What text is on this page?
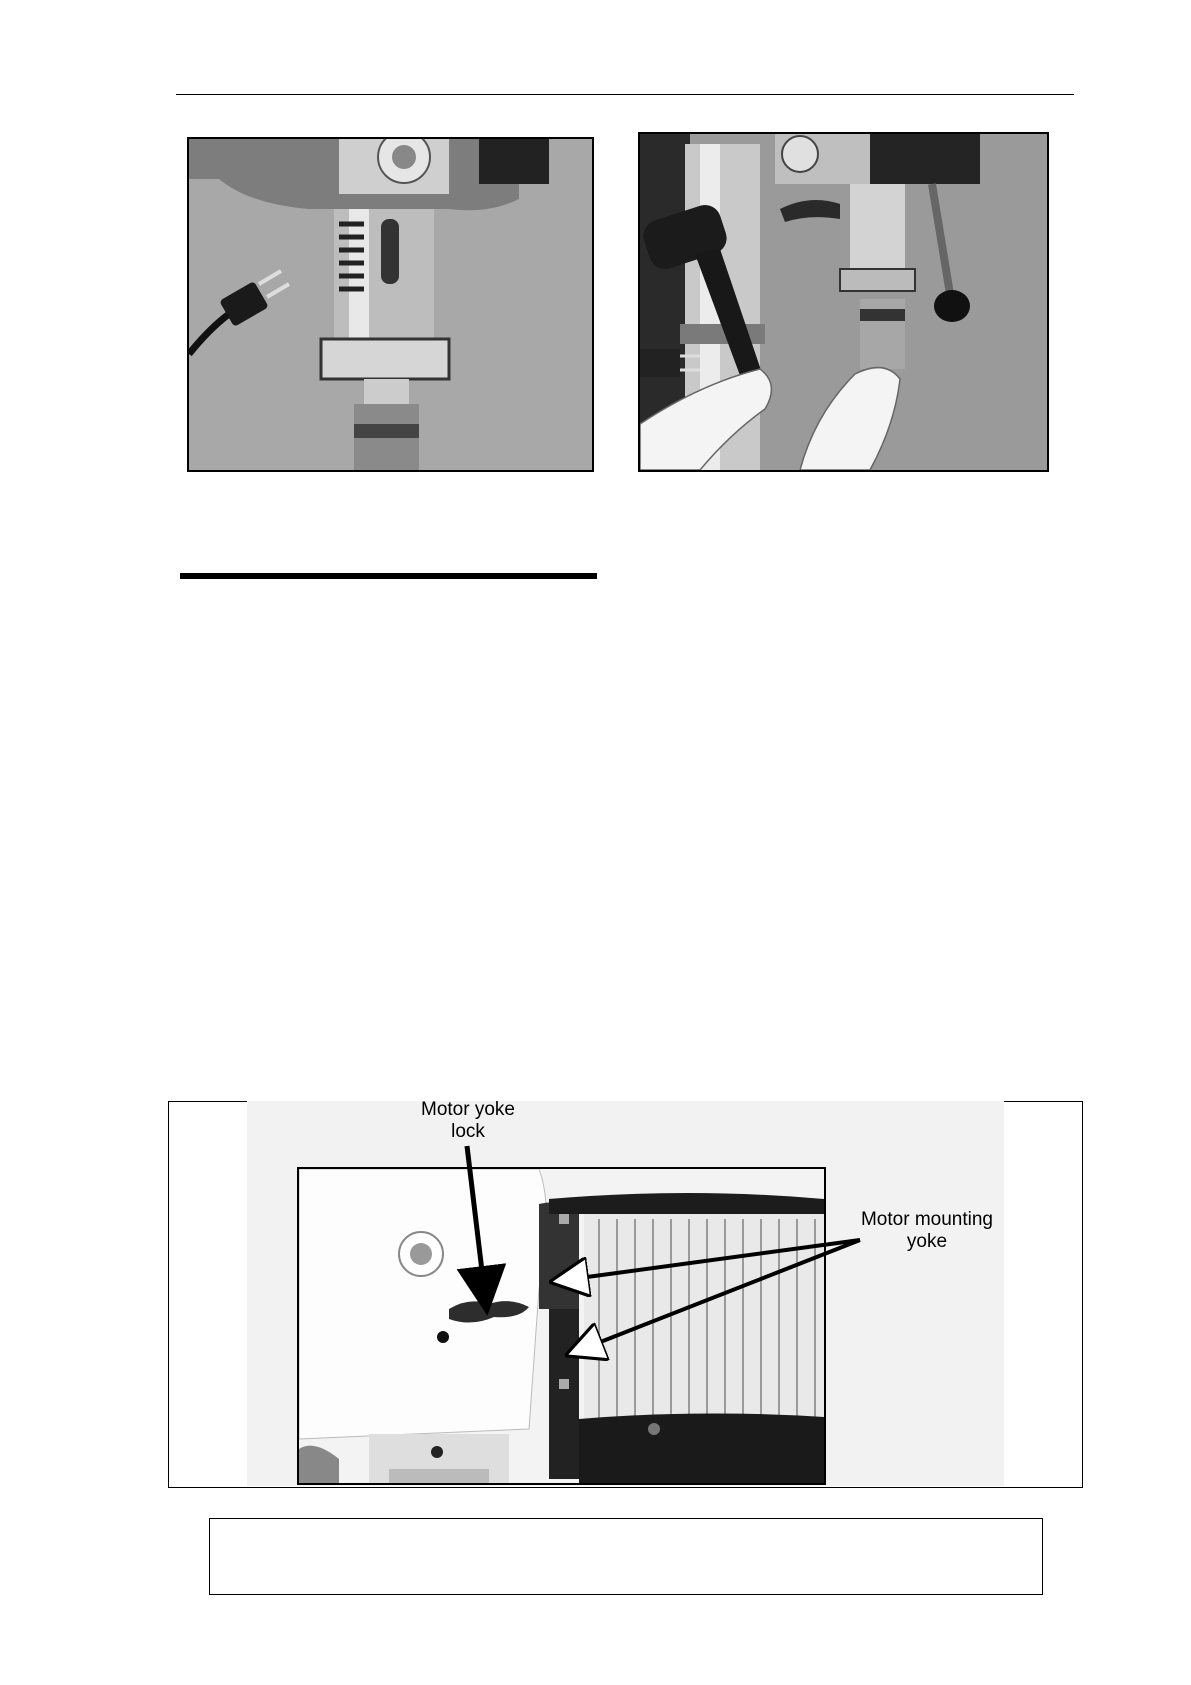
Motor yoke
lock
Motor mounting
yoke
